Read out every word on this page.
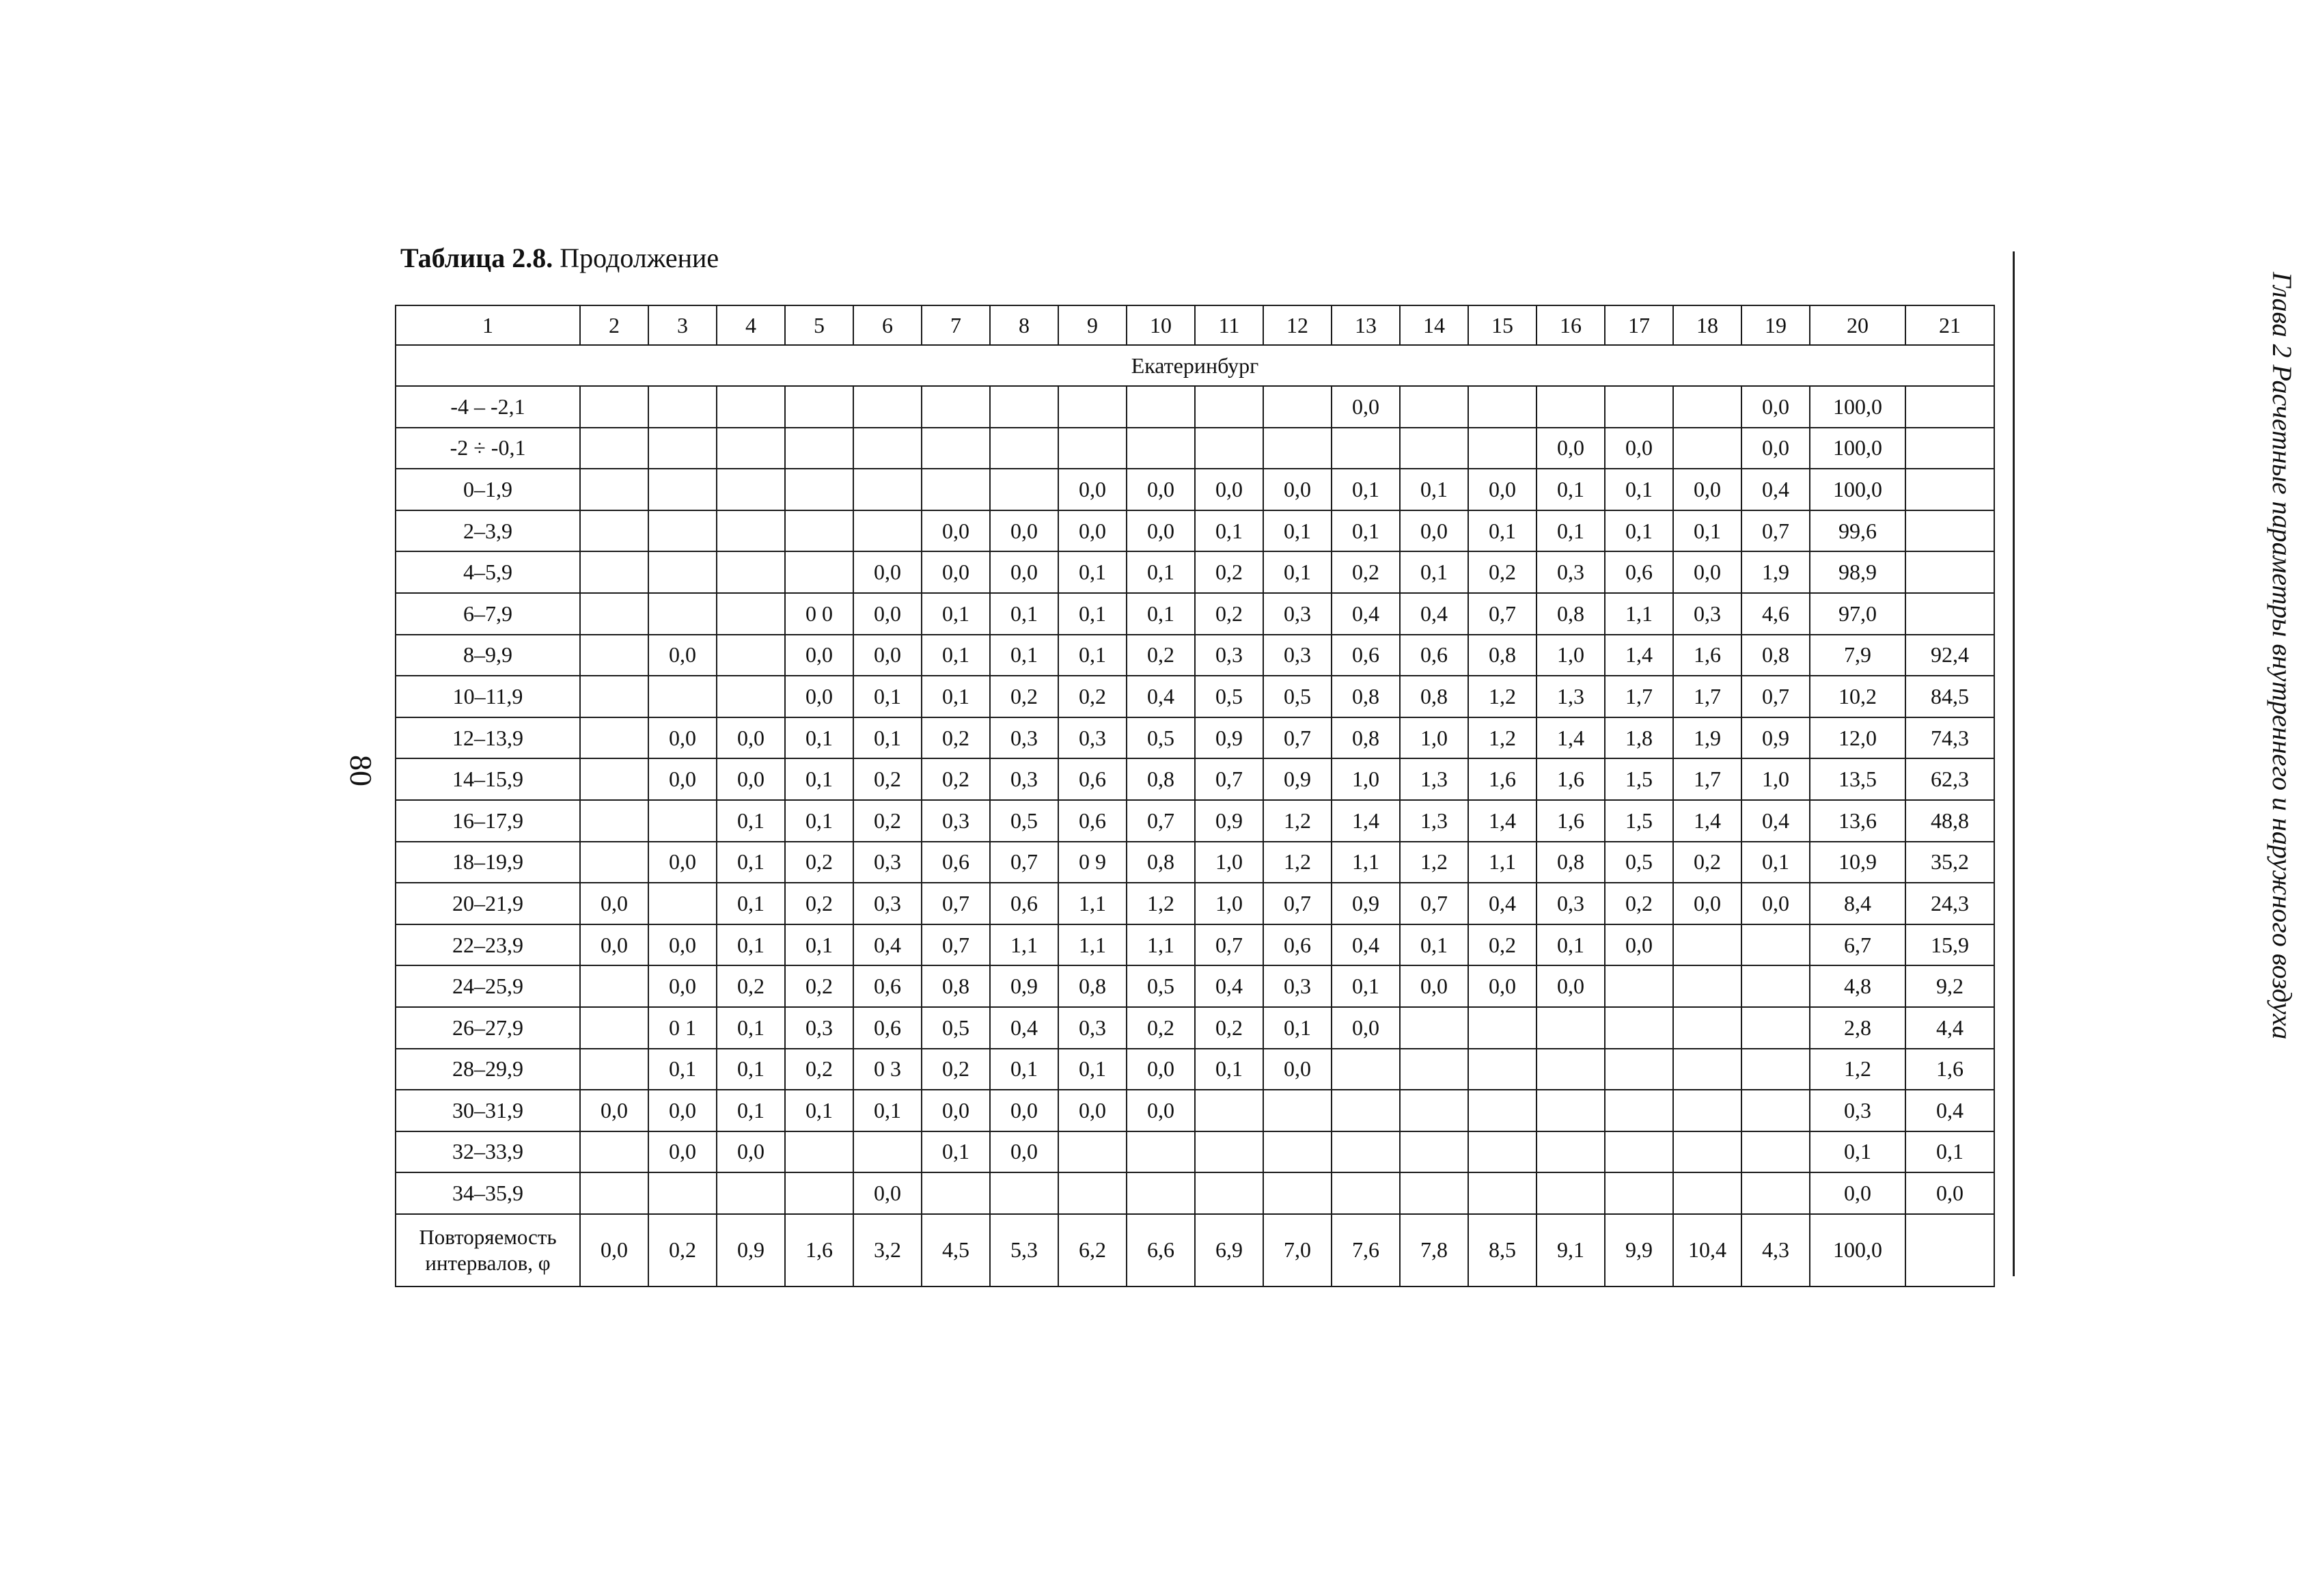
Таблица 2.8. Продолжение
80	Глава 2 Расчетные параметры внутреннего и наружного воздуха
1	2	3	4	5	6	7	8	9	10	11	12	13	14	15	16	17	18	19	20	21
Екатеринбург																				
-4 – -2,1												0,0						0,0	100,0	
-2 ÷ -0,1															0,0	0,0		0,0	100,0	
0–1,9								0,0	0,0	0,0	0,0	0,1	0,1	0,0	0,1	0,1	0,0	0,4	100,0	
2–3,9						0,0	0,0	0,0	0,0	0,1	0,1	0,1	0,0	0,1	0,1	0,1	0,1	0,7	99,6	
4–5,9					0,0	0,0	0,0	0,1	0,1	0,2	0,1	0,2	0,1	0,2	0,3	0,6	0,0	1,9	98,9	
6–7,9				0 0	0,0	0,1	0,1	0,1	0,1	0,2	0,3	0,4	0,4	0,7	0,8	1,1	0,3	4,6	97,0	
8–9,9		0,0		0,0	0,0	0,1	0,1	0,1	0,2	0,3	0,3	0,6	0,6	0,8	1,0	1,4	1,6	0,8	7,9	92,4
10–11,9				0,0	0,1	0,1	0,2	0,2	0,4	0,5	0,5	0,8	0,8	1,2	1,3	1,7	1,7	0,7	10,2	84,5
12–13,9		0,0	0,0	0,1	0,1	0,2	0,3	0,3	0,5	0,9	0,7	0,8	1,0	1,2	1,4	1,8	1,9	0,9	12,0	74,3
14–15,9		0,0	0,0	0,1	0,2	0,2	0,3	0,6	0,8	0,7	0,9	1,0	1,3	1,6	1,6	1,5	1,7	1,0	13,5	62,3
16–17,9			0,1	0,1	0,2	0,3	0,5	0,6	0,7	0,9	1,2	1,4	1,3	1,4	1,6	1,5	1,4	0,4	13,6	48,8
18–19,9		0,0	0,1	0,2	0,3	0,6	0,7	0 9	0,8	1,0	1,2	1,1	1,2	1,1	0,8	0,5	0,2	0,1	10,9	35,2
20–21,9	0,0		0,1	0,2	0,3	0,7	0,6	1,1	1,2	1,0	0,7	0,9	0,7	0,4	0,3	0,2	0,0	0,0	8,4	24,3
22–23,9	0,0	0,0	0,1	0,1	0,4	0,7	1,1	1,1	1,1	0,7	0,6	0,4	0,1	0,2	0,1	0,0			6,7	15,9
24–25,9		0,0	0,2	0,2	0,6	0,8	0,9	0,8	0,5	0,4	0,3	0,1	0,0	0,0	0,0				4,8	9,2
26–27,9		0 1	0,1	0,3	0,6	0,5	0,4	0,3	0,2	0,2	0,1	0,0							2,8	4,4
28–29,9		0,1	0,1	0,2	0 3	0,2	0,1	0,1	0,0	0,1	0,0								1,2	1,6
30–31,9	0,0	0,0	0,1	0,1	0,1	0,0	0,0	0,0	0,0										0,3	0,4
32–33,9		0,0	0,0			0,1	0,0												0,1	0,1
34–35,9					0,0														0,0	0,0
Повторяемость интервалов, φ	0,0	0,2	0,9	1,6	3,2	4,5	5,3	6,2	6,6	6,9	7,0	7,6	7,8	8,5	9,1	9,9	10,4	4,3	100,0	
